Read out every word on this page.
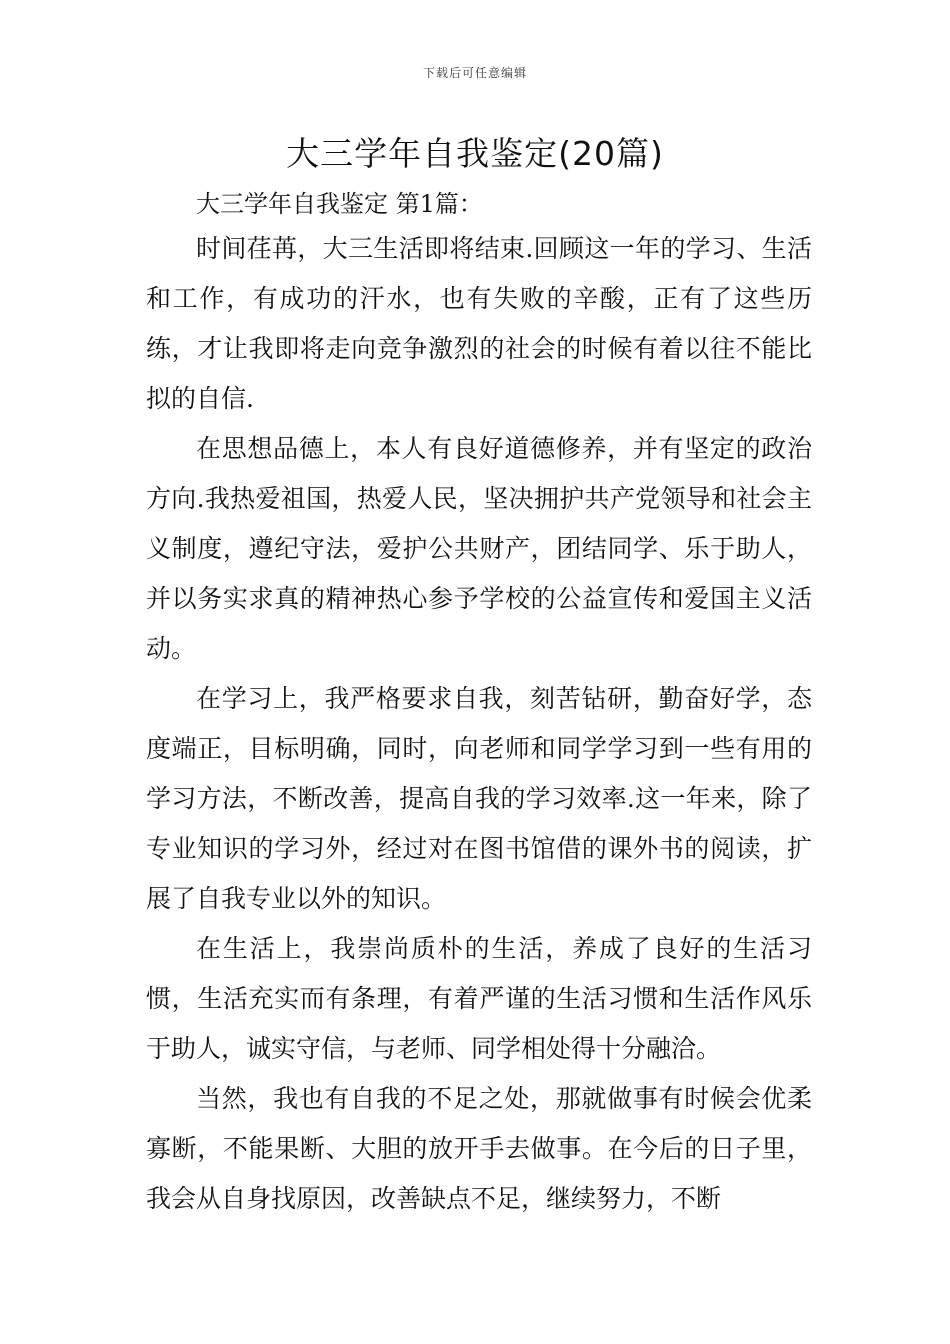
下载后可任意编辑
大三学年自我鉴定(20篇)

大三学年自我鉴定 第1篇：

时间荏苒，大三生活即将结束.回顾这一年的学习、生活和工作，有成功的汗水，也有失败的辛酸，正有了这些历练，才让我即将走向竞争激烈的社会的时候有着以往不能比拟的自信.

在思想品德上，本人有良好道德修养，并有坚定的政治方向.我热爱祖国，热爱人民，坚决拥护共产党领导和社会主义制度，遵纪守法，爱护公共财产，团结同学、乐于助人，并以务实求真的精神热心参予学校的公益宣传和爱国主义活动。

在学习上，我严格要求自我，刻苦钻研，勤奋好学，态度端正，目标明确，同时，向老师和同学学习到一些有用的学习方法，不断改善，提高自我的学习效率.这一年来，除了专业知识的学习外，经过对在图书馆借的课外书的阅读，扩展了自我专业以外的知识。

在生活上，我崇尚质朴的生活，养成了良好的生活习惯，生活充实而有条理，有着严谨的生活习惯和生活作风乐于助人，诚实守信，与老师、同学相处得十分融洽。

当然，我也有自我的不足之处，那就做事有时候会优柔寡断，不能果断、大胆的放开手去做事。在今后的日子里，我会从自身找原因，改善缺点不足，继续努力，不断
